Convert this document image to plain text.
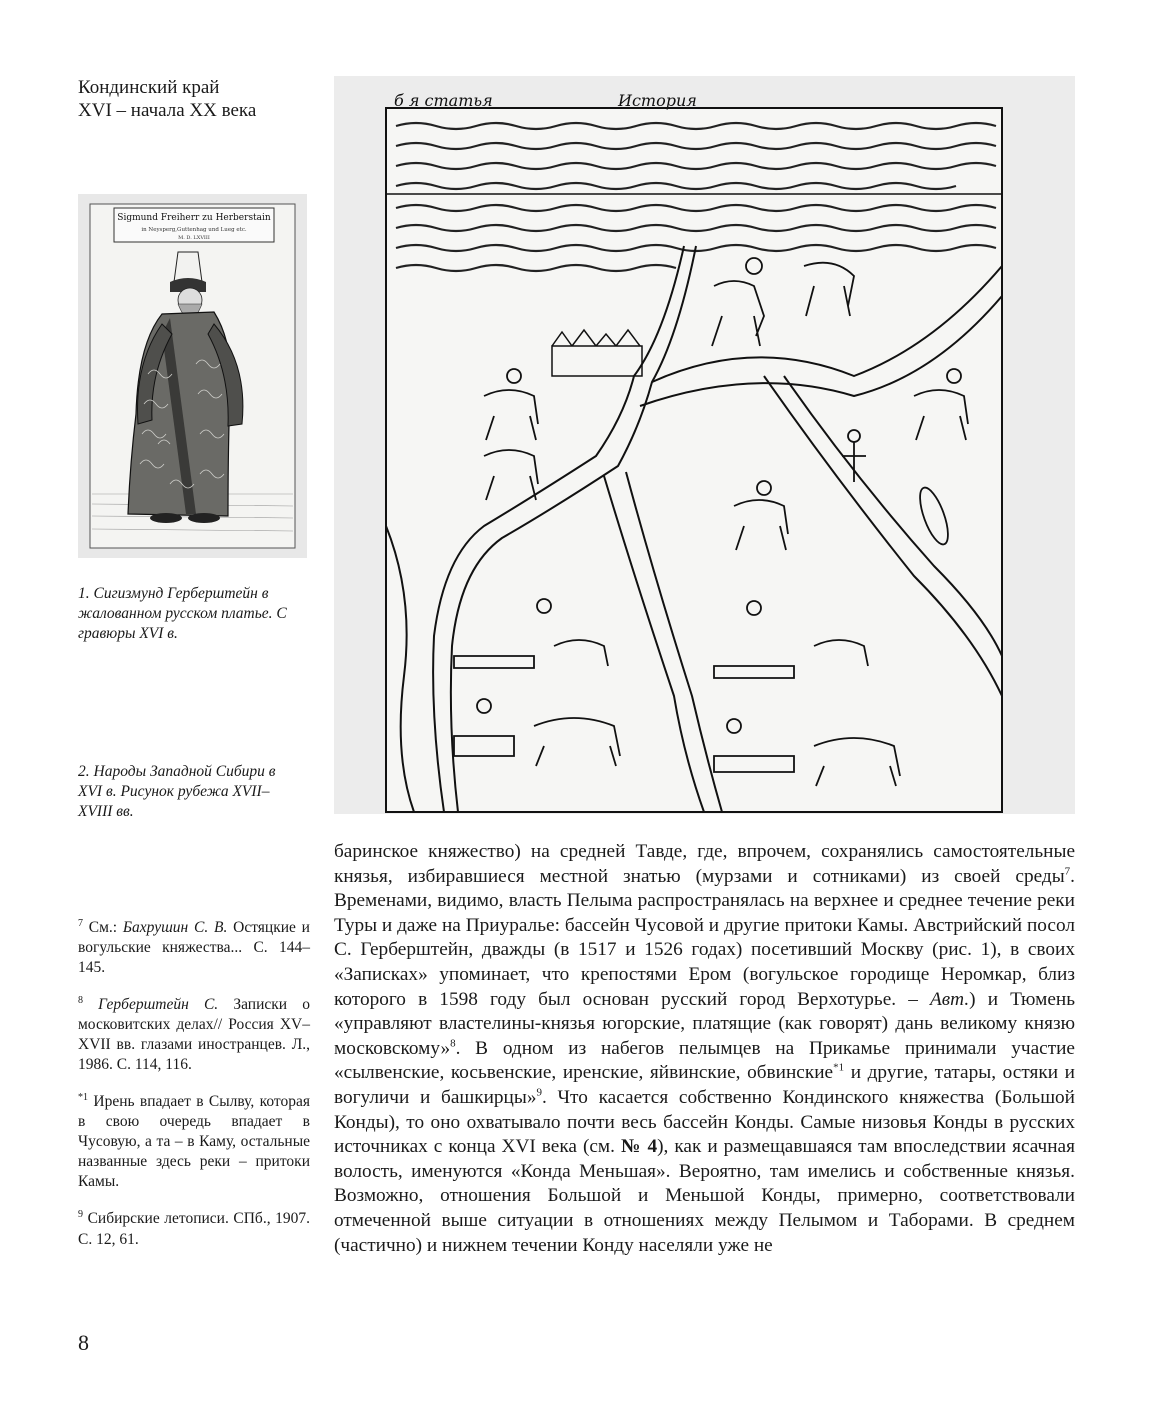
Кондинский край
XVI – начала XX века
Sigmund Freiherr zu Herberstain
in Neysperg,Guttenhag und Lueg etc.
M. D. LXVIII
б я статья	История
1. Сигизмунд Герберштейн в жалованном русском платье. С гравюры XVI в.
2. Народы Западной Сибири в XVI в. Рисунок рубежа XVII–XVIII вв.

$^7$ См.: Бахрушин С. В. Остяцкие и вогульские княжества... С. 144–145.

$^8$ Герберштейн С. Записки о московитских делах// Россия XV–XVII вв. глазами иностранцев. Л., 1986. С. 114, 116.

$^{*1}$ Ирень впадает в Сылву, которая в свою очередь впадает в Чусовую, а та – в Каму, остальные названные здесь реки – притоки Камы.

$^9$ Сибирские летописи. СПб., 1907. С. 12, 61.

8

баринское княжество) на средней Тавде, где, впрочем, сохранялись самостоятельные князья, избиравшиеся местной знатью (мурзами и сотниками) из своей среды$^7$. Временами, видимо, власть Пелыма распространялась на верхнее и среднее течение реки Туры и даже на Приуралье: бассейн Чусовой и другие притоки Камы. Австрийский посол С. Герберштейн, дважды (в 1517 и 1526 годах) посетивший Москву (рис. 1), в своих «Записках» упоминает, что крепостями Ером (вогульское городище Неромкар, близ которого в 1598 году был основан русский город Верхотурье. – Авт.) и Тюмень «управляют властелины-князья югорские, платящие (как говорят) дань великому князю московскому»$^8$. В одном из набегов пелымцев на Прикамье принимали участие «сылвенские, косьвенские, иренские, яйвинские, обвинские$^{*1}$ и другие, татары, остяки и вогуличи и башкирцы»$^9$. Что касается собственно Кондинского княжества (Большой Конды), то оно охватывало почти весь бассейн Конды. Самые низовья Конды в русских источниках с конца XVI века (см. № 4), как и размещавшаяся там впоследствии ясачная волость, именуются «Конда Меньшая». Вероятно, там имелись и собственные князья. Возможно, отношения Большой и Меньшой Конды, примерно, соответствовали отмеченной выше ситуации в отношениях между Пелымом и Таборами. В среднем (частично) и нижнем течении Конду населяли уже не
